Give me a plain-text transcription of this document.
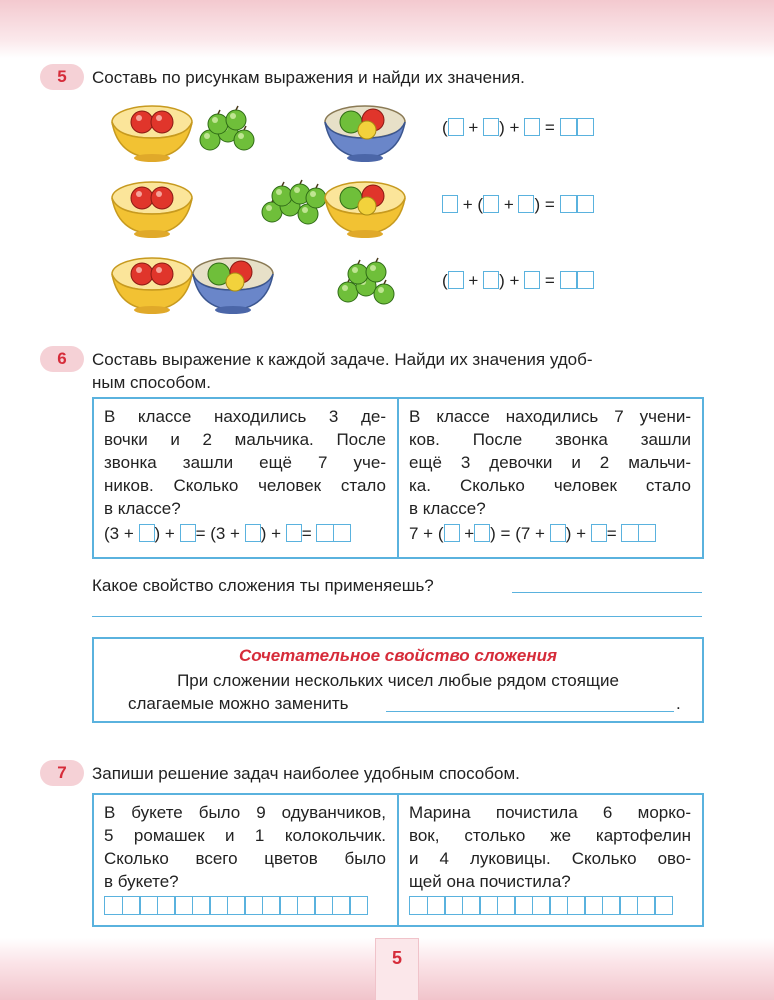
5	Составь по рисункам выражения и найди их значения.
( + ) + =
+ ( + ) =
( + ) + =
6	Составь выражение к каждой задаче. Найди их значения удоб-
ным способом.
В классе находились 3 де-
вочки и 2 мальчика. После
звонка зашли ещё 7 уче-
ников. Сколько человек стало
в классе?
(3 + ) + = (3 + ) + =
В классе находились 7 учени-
ков. После звонка зашли
ещё 3 девочки и 2 мальчи-
ка. Сколько человек стало
в классе?
7 + ( + ) = (7 + ) + =
Какое свойство сложения ты применяешь?
Сочетательное свойство сложения
При сложении нескольких чисел любые рядом стоящие
слагаемые можно заменить	.
7	Запиши решение задач наиболее удобным способом.
В букете было 9 одуванчиков,
5 ромашек и 1 колокольчик.
Сколько всего цветов было
в букете?
Марина почистила 6 морко-
вок, столько же картофелин
и 4 луковицы. Сколько ово-
щей она почистила?
5
